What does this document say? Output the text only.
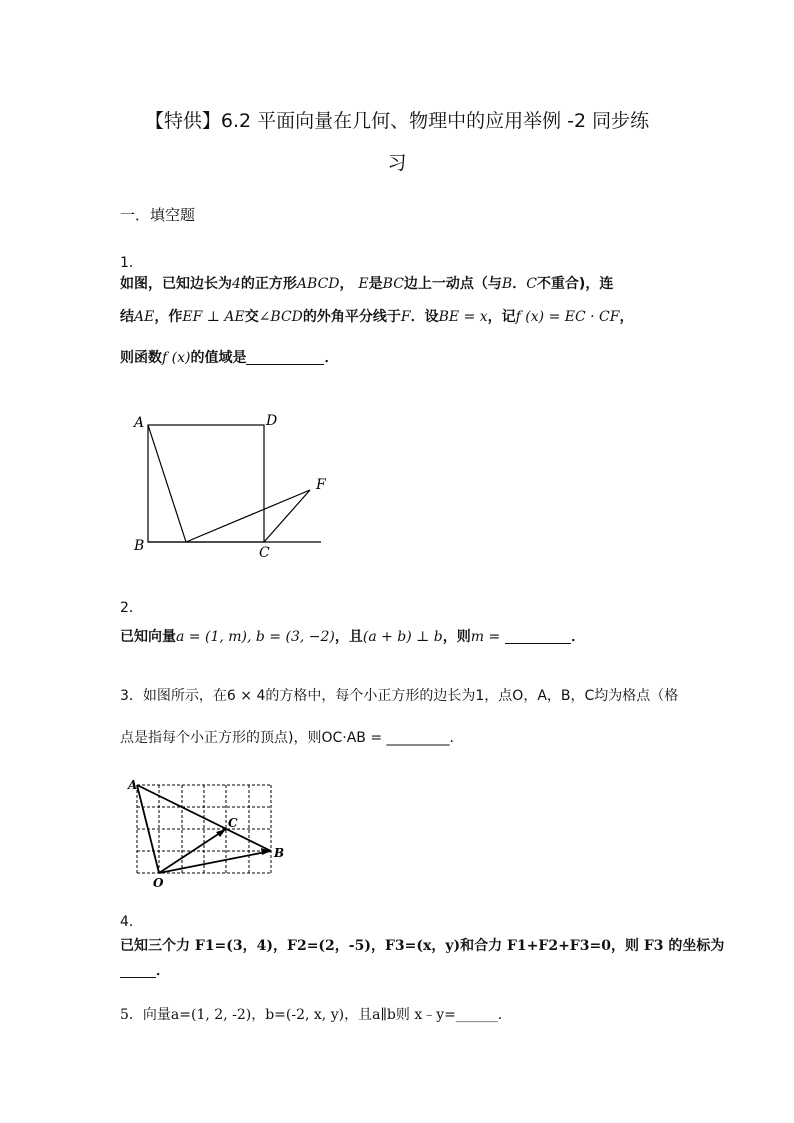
【特供】6.2 平面向量在几何、物理中的应用举例 -2 同步练
习
一．填空题
1．
如图，已知边长为4的正方形ABCD， E是BC边上一动点（与B．C不重合)，连
结AE，作EF ⊥ AE交∠BCD的外角平分线于F．设BE = x，记f (x) = EC · CF，
则函数f (x)的值域是	．
A	D
F
B	C
2．
已知向量a = (1, m), b = (3, −2)，且(a + b) ⊥ b，则m =	．
3．如图所示，在6 × 4的方格中，每个小正方形的边长为1，点O，A，B，C均为格点（格
点是指每个小正方形的顶点)，则OC·AB = _________．
A
C
B
O
4．
已知三个力 F1=(3，4)，F2=(2，-5)，F3=(x，y)和合力 F1+F2+F3=0，则 F3 的坐标为
．
5．向量a=(1, 2, -2)，b=(-2, x, y)，且a∥b则 x﹣y=______．
